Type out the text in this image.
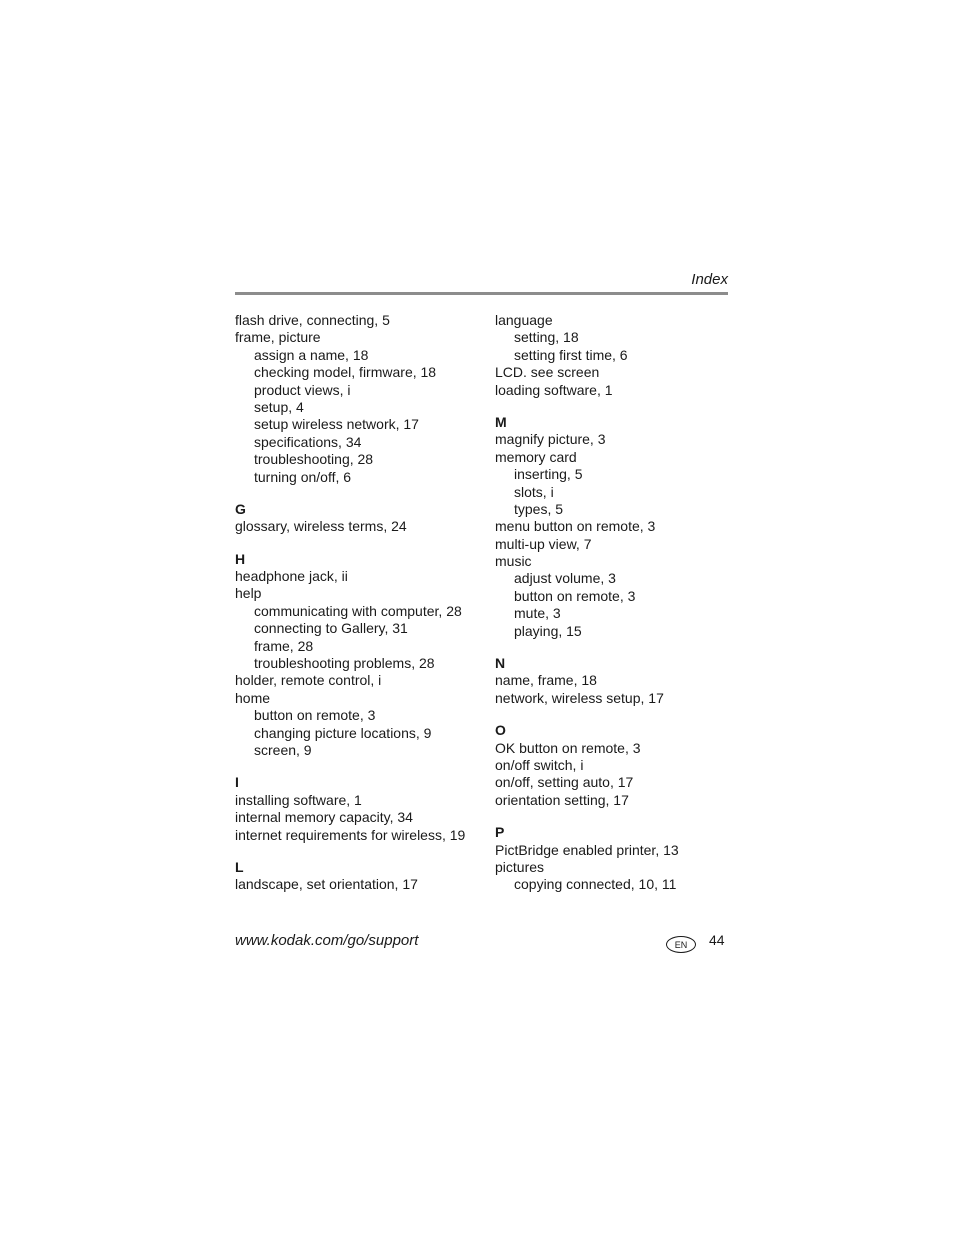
Index
flash drive, connecting, 5
frame, picture
assign a name, 18
checking model, firmware, 18
product views, i
setup, 4
setup wireless network, 17
specifications, 34
troubleshooting, 28
turning on/off, 6
G
glossary, wireless terms, 24
H
headphone jack, ii
help
communicating with computer, 28
connecting to Gallery, 31
frame, 28
troubleshooting problems, 28
holder, remote control, i
home
button on remote, 3
changing picture locations, 9
screen, 9
I
installing software, 1
internal memory capacity, 34
internet requirements for wireless, 19
L
landscape, set orientation, 17
language
setting, 18
setting first time, 6
LCD. see screen
loading software, 1
M
magnify picture, 3
memory card
inserting, 5
slots, i
types, 5
menu button on remote, 3
multi-up view, 7
music
adjust volume, 3
button on remote, 3
mute, 3
playing, 15
N
name, frame, 18
network, wireless setup, 17
O
OK button on remote, 3
on/off switch, i
on/off, setting auto, 17
orientation setting, 17
P
PictBridge enabled printer, 13
pictures
copying connected, 10, 11
www.kodak.com/go/support	EN	44
